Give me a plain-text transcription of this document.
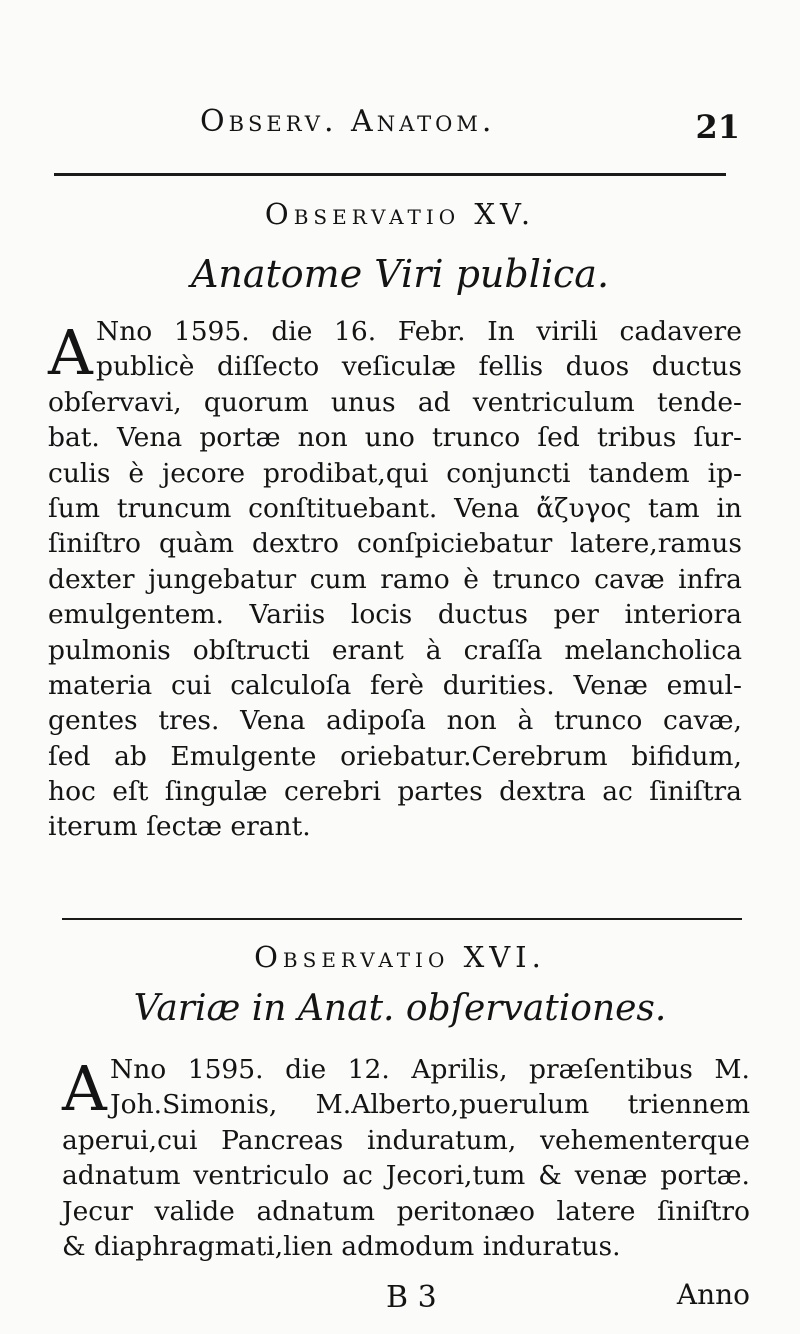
Observ. Anatom.	21
Observatio XV.
Anatome Viri publica.
A Nno 1595. die 16. Febr. In virili cadavere
publicè diſſecto veſiculæ fellis duos ductus
obſervavi, quorum unus ad ventriculum tende-
bat. Vena portæ non uno trunco ſed tribus ſur-
culis è jecore prodibat,qui conjuncti tandem ip-
ſum truncum conſtituebant. Vena ἄζυγος tam in
ſiniſtro quàm dextro conſpiciebatur latere,ramus
dexter jungebatur cum ramo è trunco cavæ infra
emulgentem. Variis locis ductus per interiora
pulmonis obſtructi erant à craſſa melancholica
materia cui calculoſa ferè durities. Venæ emul-
gentes tres. Vena adipoſa non à trunco cavæ,
ſed ab Emulgente oriebatur.Cerebrum bifidum,
hoc eſt ſingulæ cerebri partes dextra ac ſiniſtra
iterum ſectæ erant.
Observatio XVI.
Variæ in Anat. obſervationes.
A Nno 1595. die 12. Aprilis, præſentibus M.
Joh.Simonis, M.Alberto,puerulum triennem
aperui,cui Pancreas induratum, vehementerque
adnatum ventriculo ac Jecori,tum & venæ portæ.
Jecur valide adnatum peritonæo latere ſiniſtro
& diaphragmati,lien admodum induratus.
B 3	Anno
